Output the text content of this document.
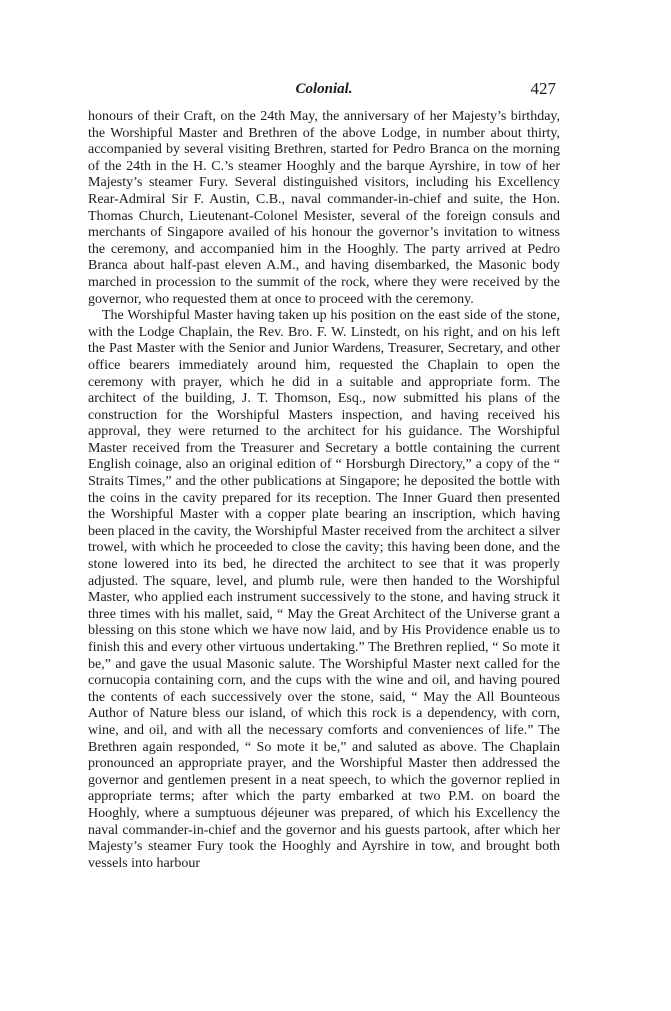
Colonial.	427

honours of their Craft, on the 24th May, the anniversary of her Majesty’s birthday, the Worshipful Master and Brethren of the above Lodge, in number about thirty, accompanied by several visiting Brethren, started for Pedro Branca on the morning of the 24th in the H. C.’s steamer Hooghly and the barque Ayrshire, in tow of her Majesty’s steamer Fury. Several distinguished visitors, including his Excellency Rear-Admiral Sir F. Austin, C.B., naval commander-in-chief and suite, the Hon. Thomas Church, Lieutenant-Colonel Mesister, several of the foreign consuls and merchants of Singapore availed of his honour the governor’s invitation to witness the ceremony, and accompanied him in the Hooghly. The party arrived at Pedro Branca about half-past eleven A.M., and having disembarked, the Masonic body marched in procession to the summit of the rock, where they were received by the governor, who requested them at once to proceed with the ceremony.

The Worshipful Master having taken up his position on the east side of the stone, with the Lodge Chaplain, the Rev. Bro. F. W. Linstedt, on his right, and on his left the Past Master with the Senior and Junior Wardens, Treasurer, Secretary, and other office bearers immediately around him, requested the Chaplain to open the ceremony with prayer, which he did in a suitable and appropriate form. The architect of the building, J. T. Thomson, Esq., now submitted his plans of the construction for the Worshipful Masters inspection, and having received his approval, they were returned to the architect for his guidance. The Worshipful Master received from the Treasurer and Secretary a bottle containing the current English coinage, also an original edition of “ Horsburgh Directory,” a copy of the “ Straits Times,” and the other publications at Singapore; he deposited the bottle with the coins in the cavity prepared for its reception. The Inner Guard then presented the Worshipful Master with a copper plate bearing an inscription, which having been placed in the cavity, the Worshipful Master received from the architect a silver trowel, with which he proceeded to close the cavity; this having been done, and the stone lowered into its bed, he directed the architect to see that it was properly adjusted. The square, level, and plumb rule, were then handed to the Worshipful Master, who applied each instrument successively to the stone, and having struck it three times with his mallet, said, “ May the Great Architect of the Universe grant a blessing on this stone which we have now laid, and by His Providence enable us to finish this and every other virtuous undertaking.” The Brethren replied, “ So mote it be,” and gave the usual Masonic salute. The Worshipful Master next called for the cornucopia containing corn, and the cups with the wine and oil, and having poured the contents of each successively over the stone, said, “ May the All Bounteous Author of Nature bless our island, of which this rock is a dependency, with corn, wine, and oil, and with all the necessary comforts and conveniences of life.” The Brethren again responded, “ So mote it be,” and saluted as above. The Chaplain pronounced an appropriate prayer, and the Worshipful Master then addressed the governor and gentlemen present in a neat speech, to which the governor replied in appropriate terms; after which the party embarked at two P.M. on board the Hooghly, where a sumptuous déjeuner was prepared, of which his Excellency the naval commander-in-chief and the governor and his guests partook, after which her Majesty’s steamer Fury took the Hooghly and Ayrshire in tow, and brought both vessels into harbour
